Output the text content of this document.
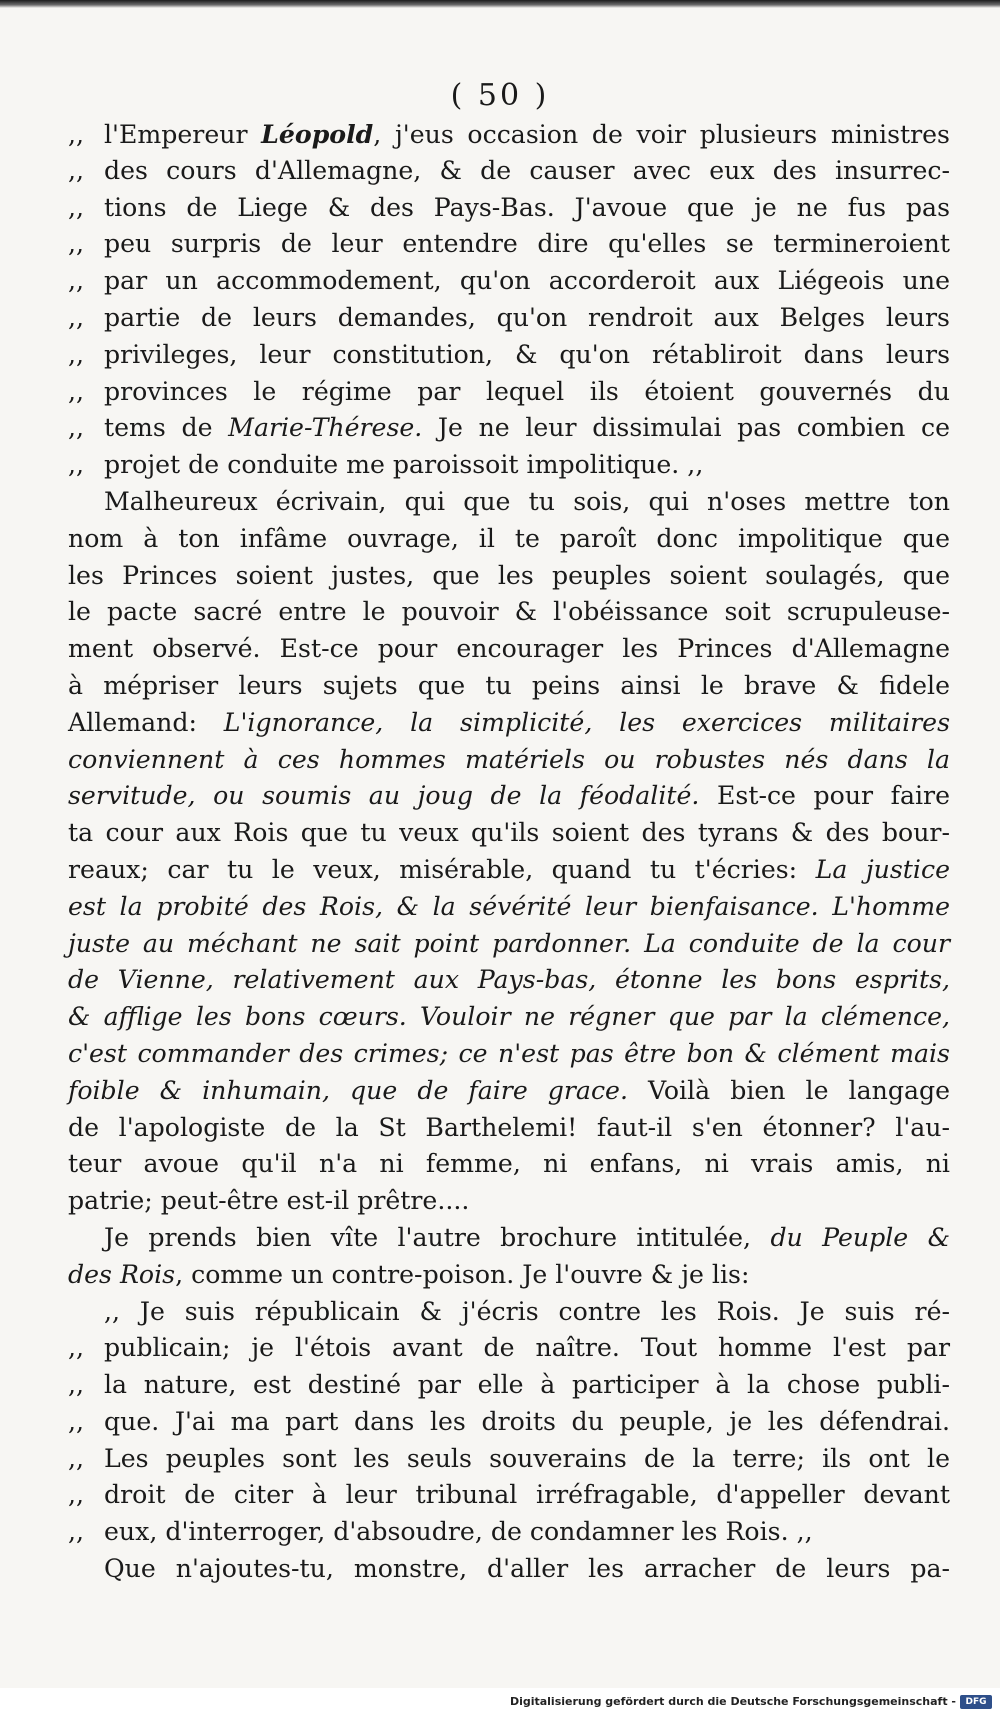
( 50 )
,, l'Empereur Léopold, j'eus occasion de voir plusieurs ministres
,, des cours d'Allemagne, & de causer avec eux des insurrec-
,, tions de Liege & des Pays-Bas. J'avoue que je ne fus pas
,, peu surpris de leur entendre dire qu'elles se termineroient
,, par un accommodement, qu'on accorderoit aux Liégeois une
,, partie de leurs demandes, qu'on rendroit aux Belges leurs
,, privileges, leur constitution, & qu'on rétabliroit dans leurs
,, provinces le régime par lequel ils étoient gouvernés du
,, tems de Marie-Thérese. Je ne leur dissimulai pas combien ce
,, projet de conduite me paroissoit impolitique. ,,
Malheureux écrivain, qui que tu sois, qui n'oses mettre ton
nom à ton infâme ouvrage, il te paroît donc impolitique que
les Princes soient justes, que les peuples soient soulagés, que
le pacte sacré entre le pouvoir & l'obéissance soit scrupuleuse-
ment observé. Est-ce pour encourager les Princes d'Allemagne
à mépriser leurs sujets que tu peins ainsi le brave & fidele
Allemand: L'ignorance, la simplicité, les exercices militaires
conviennent à ces hommes matériels ou robustes nés dans la
servitude, ou soumis au joug de la féodalité. Est-ce pour faire
ta cour aux Rois que tu veux qu'ils soient des tyrans & des bour-
reaux; car tu le veux, misérable, quand tu t'écries: La justice
est la probité des Rois, & la sévérité leur bienfaisance. L'homme
juste au méchant ne sait point pardonner. La conduite de la cour
de Vienne, relativement aux Pays-bas, étonne les bons esprits,
& afflige les bons cœurs. Vouloir ne régner que par la clémence,
c'est commander des crimes; ce n'est pas être bon & clément mais
foible & inhumain, que de faire grace. Voilà bien le langage
de l'apologiste de la St Barthelemi! faut-il s'en étonner? l'au-
teur avoue qu'il n'a ni femme, ni enfans, ni vrais amis, ni
patrie; peut-être est-il prêtre....
Je prends bien vîte l'autre brochure intitulée, du Peuple &
des Rois, comme un contre-poison. Je l'ouvre & je lis:
,, Je suis républicain & j'écris contre les Rois. Je suis ré-
,, publicain; je l'étois avant de naître. Tout homme l'est par
,, la nature, est destiné par elle à participer à la chose publi-
,, que. J'ai ma part dans les droits du peuple, je les défendrai.
,, Les peuples sont les seuls souverains de la terre; ils ont le
,, droit de citer à leur tribunal irréfragable, d'appeller devant
,, eux, d'interroger, d'absoudre, de condamner les Rois. ,,
Que n'ajoutes-tu, monstre, d'aller les arracher de leurs pa-
Digitalisierung gefördert durch die Deutsche Forschungsgemeinschaft -	DFG
